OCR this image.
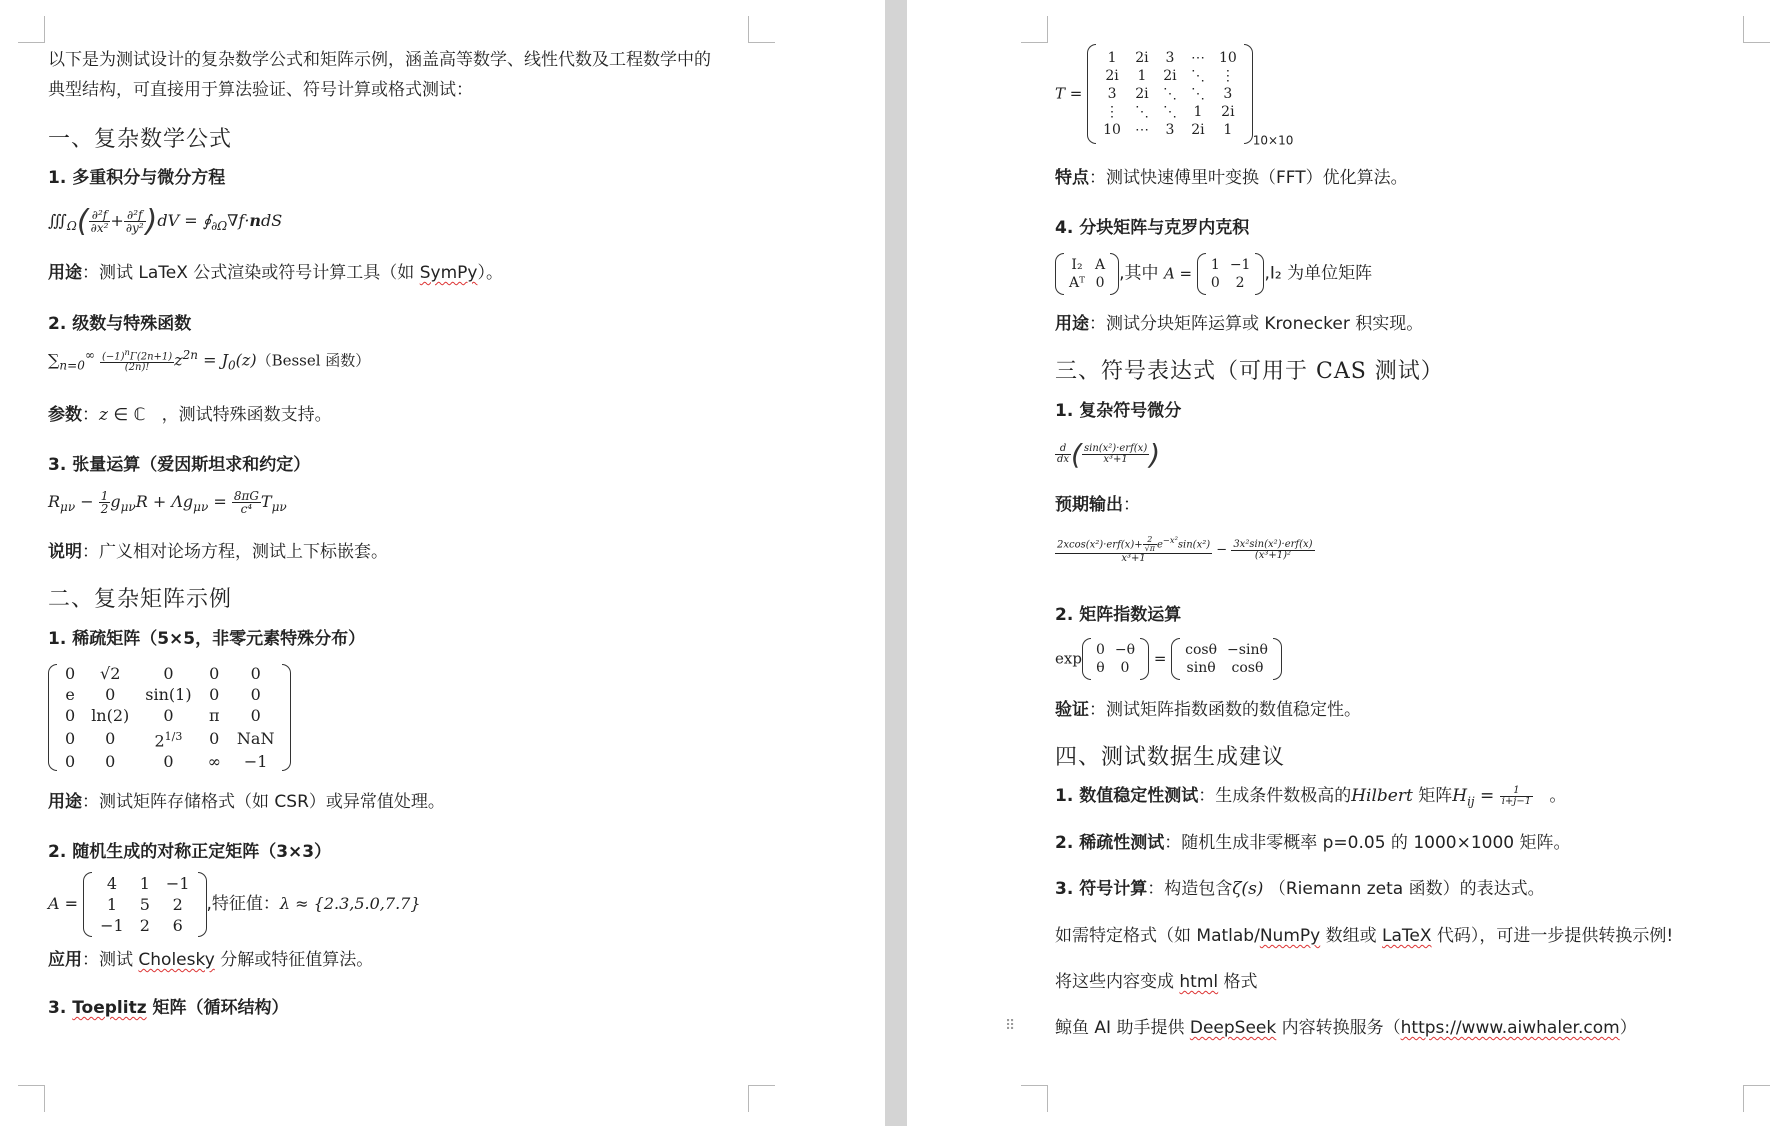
以下是为测试设计的复杂数学公式和矩阵示例，涵盖高等数学、线性代数及工程数学中的
典型结构，可直接用于算法验证、符号计算或格式测试：
一、复杂数学公式
1. 多重积分与微分方程
$∭_\Omega( \frac{\text{∂²f}}{\text{∂x²}} + \frac{\text{∂²f}}{\text{∂y²}} )dV$ = $∮_{\partial\Omega}\nabla f\cdot ndS$
用途：测试 LaTeX 公式渲染或符号计算工具（如 SymPy）。
2. 级数与特殊函数
$\sum_{n=0}^\infty \frac{(-1)^n\Gamma(2n+1)}{(2n)!} z^{2n}$ = $J_0(z)(Bessel$ 函数）
参数：z ∈ ℂ   ，测试特殊函数支持。
3. 张量运算（爱因斯坦求和约定）
$R_{\mu\nu} - \frac{1}{2} g_{\mu\nu}R + \Lambda g_{\mu\nu} = \frac{8\pi G}{\text{c⁴}} T_{\mu\nu}$
说明：广义相对论场方程，测试上下标嵌套。
二、复杂矩阵示例
1. 稀疏矩阵（5×5，非零元素特殊分布）
0	√2	0	0	0
e	0	sin(1)	0	0
0	ln(2)	0	π	0
0	0	$2^{1/3}$	0	NaN
0	0	0	∞	−1
用途：测试矩阵存储格式（如 CSR）或异常值处理。
2. 随机生成的对称正定矩阵（3×3）
A = 4	1	−1
1	5	2
−1	2	6,特征值：λ ≈ {2.3,5.0,7.7}
应用：测试 Cholesky 分解或特征值算法。
3. Toeplitz 矩阵（循环结构）
T = 1	2i	3	⋯	10
2i	1	2i	⋱	⋮
3	2i	⋱	⋱	3
⋮	⋱	⋱	1	2i
10	⋯	3	2i	$1_{10\times 10}$
特点：测试快速傅里叶变换（FFT）优化算法。
4. 分块矩阵与克罗内克积
I₂	A
Aᵀ	0 ,其中 A = 1	−1
0	2 ,I₂ 为单位矩阵
用途：测试分块矩阵运算或 Kronecker 积实现。
三、符号表达式（可用于 CAS 测试）
1. 复杂符号微分
$\frac{d}{dx}$ ( $\frac{\text{sin(x²)·erf(x)}}{\text{x³+1}}$ )
预期输出：
$\frac{2xcos(x^2)\cdot erf(x)+ \frac{2}{√\pi} e^{-x^2}\sin(x^2)}{\text{x³+1}} - \frac{\text{3x²sin(x²)·erf(x)}}{\text{(x³+1)²}}$
2. 矩阵指数运算
exp 0	−θ
θ	0 = cosθ	−sinθ
sinθ	cosθ
验证：测试矩阵指数函数的数值稳定性。
四、测试数据生成建议
1. 数值稳定性测试：生成条件数极高的Hilbert 矩阵$H_{ij} = \frac{1}{i+j-1}$ 。
2. 稀疏性测试：随机生成非零概率 p=0.05 的 1000×1000 矩阵。
3. 符号计算：构造包含ζ(s) （Riemann zeta 函数）的表达式。
如需特定格式（如 Matlab/NumPy 数组或 LaTeX 代码），可进一步提供转换示例!
将这些内容变成 html 格式
⠿ 鲸鱼 AI 助手提供 DeepSeek 内容转换服务（https://www.aiwhaler.com）
